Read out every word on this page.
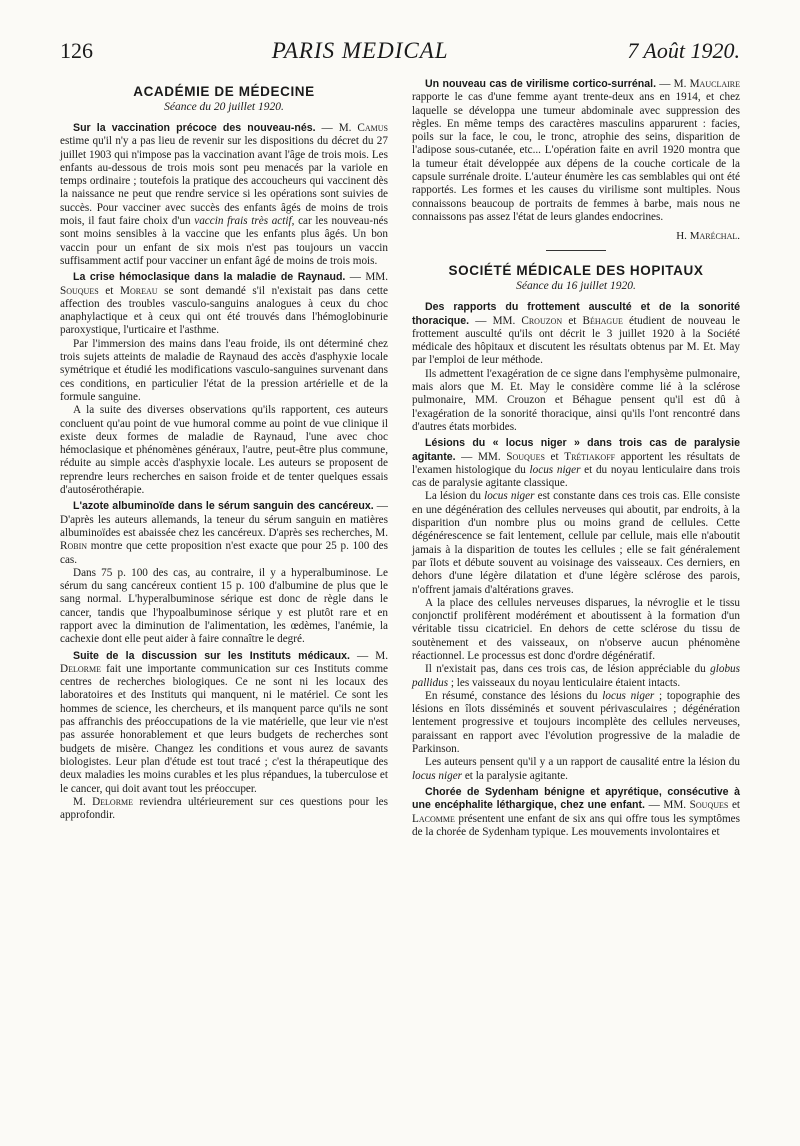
126	PARIS MEDICAL	7 Août 1920.
ACADÉMIE DE MÉDECINE
Séance du 20 juillet 1920.

Sur la vaccination précoce des nouveau-nés. — M. Camus estime qu'il n'y a pas lieu de revenir sur les dispositions du décret du 27 juillet 1903 qui n'impose pas la vaccination avant l'âge de trois mois. Les enfants au-dessous de trois mois sont peu menacés par la variole en temps ordinaire ; toutefois la pratique des accoucheurs qui vaccinent dès la naissance ne peut que rendre service si les opérations sont suivies de succès. Pour vacciner avec succès des enfants âgés de moins de trois mois, il faut faire choix d'un vaccin frais très actif, car les nouveau-nés sont moins sensibles à la vaccine que les enfants plus âgés. Un bon vaccin pour un enfant de six mois n'est pas toujours un vaccin suffisamment actif pour vacciner un enfant âgé de moins de trois mois.

La crise hémoclasique dans la maladie de Raynaud. — MM. Souques et Moreau se sont demandé s'il n'existait pas dans cette affection des troubles vasculo-sanguins analogues à ceux du choc anaphylactique et à ceux qui ont été trouvés dans l'hémoglobinurie paroxystique, l'urticaire et l'asthme.

Par l'immersion des mains dans l'eau froide, ils ont déterminé chez trois sujets atteints de maladie de Raynaud des accès d'asphyxie locale symétrique et étudié les modifications vasculo-sanguines survenant dans ces conditions, en particulier l'état de la pression artérielle et de la formule sanguine.

A la suite des diverses observations qu'ils rapportent, ces auteurs concluent qu'au point de vue humoral comme au point de vue clinique il existe deux formes de maladie de Raynaud, l'une avec choc hémoclasique et phénomènes généraux, l'autre, peut-être plus commune, réduite au simple accès d'asphyxie locale. Les auteurs se proposent de reprendre leurs recherches en saison froide et de tenter quelques essais d'autosérothérapie.

L'azote albuminoïde dans le sérum sanguin des cancéreux. — D'après les auteurs allemands, la teneur du sérum sanguin en matières albuminoïdes est abaissée chez les cancéreux. D'après ses recherches, M. Robin montre que cette proposition n'est exacte que pour 25 p. 100 des cas.

Dans 75 p. 100 des cas, au contraire, il y a hyperalbuminose. Le sérum du sang cancéreux contient 15 p. 100 d'albumine de plus que le sang normal. L'hyperalbuminose sérique est donc de règle dans le cancer, tandis que l'hypoalbuminose sérique y est plutôt rare et en rapport avec la diminution de l'alimentation, les œdèmes, l'anémie, la cachexie dont elle peut aider à faire connaître le degré.

Suite de la discussion sur les Instituts médicaux. — M. Delorme fait une importante communication sur ces Instituts comme centres de recherches biologiques. Ce ne sont ni les locaux des laboratoires et des Instituts qui manquent, ni le matériel. Ce sont les hommes de science, les chercheurs, et ils manquent parce qu'ils ne sont pas affranchis des préoccupations de la vie matérielle, que leur vie n'est pas assurée honorablement et que leurs budgets de recherches sont budgets de misère. Changez les conditions et vous aurez de savants biologistes. Leur plan d'étude est tout tracé ; c'est la thérapeutique des deux maladies les moins curables et les plus répandues, la tuberculose et le cancer, qui doit avant tout les préoccuper.

M. Delorme reviendra ultérieurement sur ces questions pour les approfondir.

Un nouveau cas de virilisme cortico-surrénal. — M. Mauclaire rapporte le cas d'une femme ayant trente-deux ans en 1914, et chez laquelle se développa une tumeur abdominale avec suppression des règles. En même temps des caractères masculins apparurent : facies, poils sur la face, le cou, le tronc, atrophie des seins, disparition de l'adipose sous-cutanée, etc... L'opération faite en avril 1920 montra que la tumeur était développée aux dépens de la couche corticale de la capsule surrénale droite. L'auteur énumère les cas semblables qui ont été rapportés. Les formes et les causes du virilisme sont multiples. Nous connaissons beaucoup de portraits de femmes à barbe, mais nous ne connaissons pas assez l'état de leurs glandes endocrines.

H. Maréchal.
SOCIÉTÉ MÉDICALE DES HOPITAUX
Séance du 16 juillet 1920.

Des rapports du frottement ausculté et de la sonorité thoracique. — MM. Crouzon et Béhague étudient de nouveau le frottement ausculté qu'ils ont décrit le 3 juillet 1920 à la Société médicale des hôpitaux et discutent les résultats obtenus par M. Et. May par l'emploi de leur méthode.

Ils admettent l'exagération de ce signe dans l'emphysème pulmonaire, mais alors que M. Et. May le considère comme lié à la sclérose pulmonaire, MM. Crouzon et Béhague pensent qu'il est dû à l'exagération de la sonorité thoracique, ainsi qu'ils l'ont rencontré dans d'autres états morbides.

Lésions du « locus niger » dans trois cas de paralysie agitante. — MM. Souques et Trétiakoff apportent les résultats de l'examen histologique du locus niger et du noyau lenticulaire dans trois cas de paralysie agitante classique.

La lésion du locus niger est constante dans ces trois cas. Elle consiste en une dégénération des cellules nerveuses qui aboutit, par endroits, à la disparition d'un nombre plus ou moins grand de cellules. Cette dégénérescence se fait lentement, cellule par cellule, mais elle n'aboutit jamais à la disparition de toutes les cellules ; elle se fait généralement par îlots et débute souvent au voisinage des vaisseaux. Ces derniers, en dehors d'une légère dilatation et d'une légère sclérose des parois, n'offrent jamais d'altérations graves.

A la place des cellules nerveuses disparues, la névroglie et le tissu conjonctif prolifèrent modérément et aboutissent à la formation d'un véritable tissu cicatriciel. En dehors de cette sclérose du tissu de soutènement et des vaisseaux, on n'observe aucun phénomène réactionnel. Le processus est donc d'ordre dégénératif.

Il n'existait pas, dans ces trois cas, de lésion appréciable du globus pallidus ; les vaisseaux du noyau lenticulaire étaient intacts.

En résumé, constance des lésions du locus niger ; topographie des lésions en îlots disséminés et souvent périvasculaires ; dégénération lentement progressive et toujours incomplète des cellules nerveuses, paraissant en rapport avec l'évolution progressive de la maladie de Parkinson.

Les auteurs pensent qu'il y a un rapport de causalité entre la lésion du locus niger et la paralysie agitante.

Chorée de Sydenham bénigne et apyrétique, consécutive à une encéphalite léthargique, chez une enfant. — MM. Souques et Lacomme présentent une enfant de six ans qui offre tous les symptômes de la chorée de Sydenham typique. Les mouvements involontaires et
